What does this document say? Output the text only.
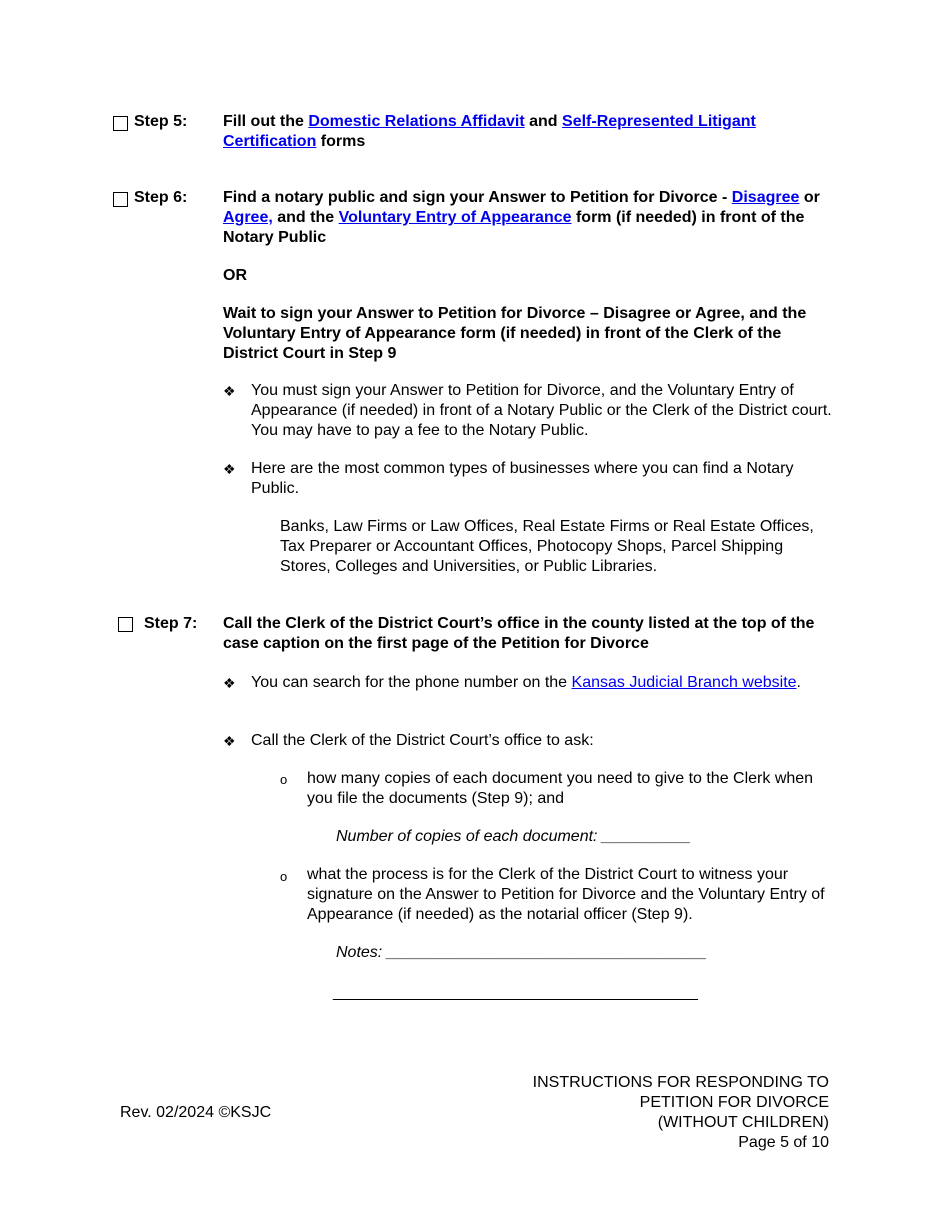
Step 5: Fill out the Domestic Relations Affidavit and Self-Represented Litigant Certification forms
Step 6: Find a notary public and sign your Answer to Petition for Divorce - Disagree or Agree, and the Voluntary Entry of Appearance form (if needed) in front of the Notary Public
OR
Wait to sign your Answer to Petition for Divorce – Disagree or Agree, and the Voluntary Entry of Appearance form (if needed) in front of the Clerk of the District Court in Step 9
❖ You must sign your Answer to Petition for Divorce, and the Voluntary Entry of Appearance (if needed) in front of a Notary Public or the Clerk of the District court. You may have to pay a fee to the Notary Public.
❖ Here are the most common types of businesses where you can find a Notary Public.
Banks, Law Firms or Law Offices, Real Estate Firms or Real Estate Offices, Tax Preparer or Accountant Offices, Photocopy Shops, Parcel Shipping Stores, Colleges and Universities, or Public Libraries.
Step 7: Call the Clerk of the District Court’s office in the county listed at the top of the case caption on the first page of the Petition for Divorce
❖ You can search for the phone number on the Kansas Judicial Branch website.
❖ Call the Clerk of the District Court’s office to ask:
o how many copies of each document you need to give to the Clerk when you file the documents (Step 9); and
Number of copies of each document: __________
o what the process is for the Clerk of the District Court to witness your signature on the Answer to Petition for Divorce and the Voluntary Entry of Appearance (if needed) as the notarial officer (Step 9).
Notes: ____________________________________
_________________________________________
Rev. 02/2024 ©KSJC
INSTRUCTIONS FOR RESPONDING TO
PETITION FOR DIVORCE
(WITHOUT CHILDREN)
Page 5 of 10
